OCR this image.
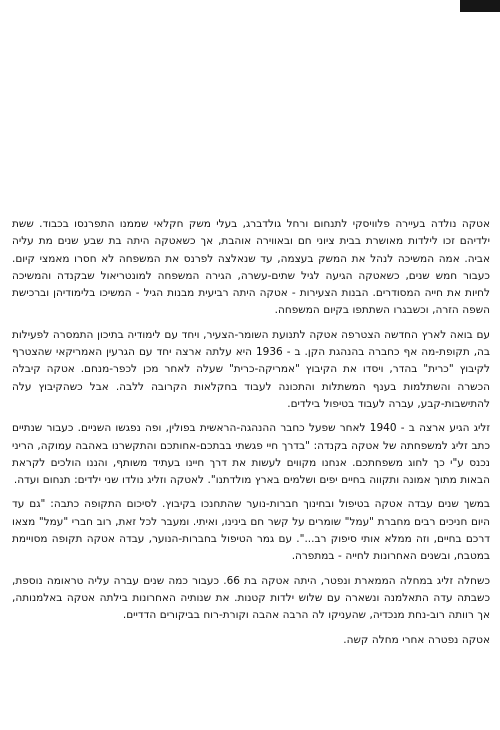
אטקה נולדה בעיירה פלוויסקי לתנחום ורחל גולדברג, בעלי משק חקלאי שממנו התפרנסו בכבוד. ששת ילדיהם זכו לילדות מאושרת בבית ציוני חם ובאווירה אוהבת, אך כשאטקה היתה בת שבע שנים מת עליה אביה. אמה המשיכה לנהל את המשק בעצמה, עד שנאלצה לפרנס את המשפחה לא חסרו מאמצי קיום. כעבור חמש שנים, כשאטקה הגיעה לגיל שתים-עשרה, הגירה המשפחה למונטריאול שבקנדה והמשיכה לחיות את חייה המסודרים. הבנות הצעירות - אטקה היתה רביעית מבנות הגיל - המשיכו בלימודיהן וברכישת השפה הזרה, וכשבגרו השתתפו בקיום המשפחה.

עם בואה לארץ החדשה הצטרפה אטקה לתנועת השומר-הצעיר, ויחד עם לימודיה בתיכון התמסרה לפעילות בה, תקופת-מה אף כחברה בהנהגת הקן. ב - 1936 היא עלתה ארצה יחד עם הגרעין האמריקאי שהצטרף לקיבוץ "כרית" בהדר, ויסדו את הקיבוץ "אמריקה-כרית" שעלה לאחר מכן לכפר-מנחם. אטקה קיבלה הכשרה והשתלמות בענף המשתלות והתכונה לעבוד בחקלאות הקרובה ללבה. אבל כשהקיבוץ עלה להתישבות-קבע, עברה לעבוד בטיפול בילדים.

זליג הגיע ארצה ב - 1940 לאחר שפעל כחבר ההנהגה-הראשית בפולין, ופה נפגשו השניים. כעבור שנתיים כתב זליג למשפחתה של אטקה בקנדה: "בדרך חיי פגשתי בבתכם-אחותכם והתקשרנו באהבה עמוקה, הריני נכנס ע"י כך לחוג משפחתכם. אנחנו מקווים לעשות את דרך חיינו בעתיד משותף, והננו הולכים לקראת הבאות מתוך אמונה ותקווה בחיים יפים ושלמים בארץ מולדתנו". לאטקה וזליג נולדו שני ילדים: תנחום ועדה.

במשך שנים עבדה אטקה בטיפול ובחינוך חברות-נוער שהתחנכו בקיבוץ. לסיכום התקופה כתבה: "גם עד היום חניכים רבים מחברת "עמל" שומרים על קשר חם בינינו, ואיתי. ומעבר לכל זאת, רוב חברי "עמל" מצאו דרכם בחיים, וזה ממלא אותי סיפוק רב...". עם גמר הטיפול בחברות-הנוער, עבדה אטקה תקופה מסויימת במטבח, ובשנים האחרונות לחייה - במתפרה.

כשחלה זליג במחלה הממארת ונפטר, היתה אטקה בת 66. כעבור כמה שנים עברה עליה טראומה נוספת, כשבתה עדה התאלמנה ונשארה עם שלוש ילדות קטנות. את שנותיה האחרונות בילתה אטקה באלמנותה, אך רוותה רוב-נחת מנכדיה, שהעניקו לה הרבה אהבה וקורת-רוח בביקורים הדדיים.

אטקה נפטרה אחרי מחלה קשה.
